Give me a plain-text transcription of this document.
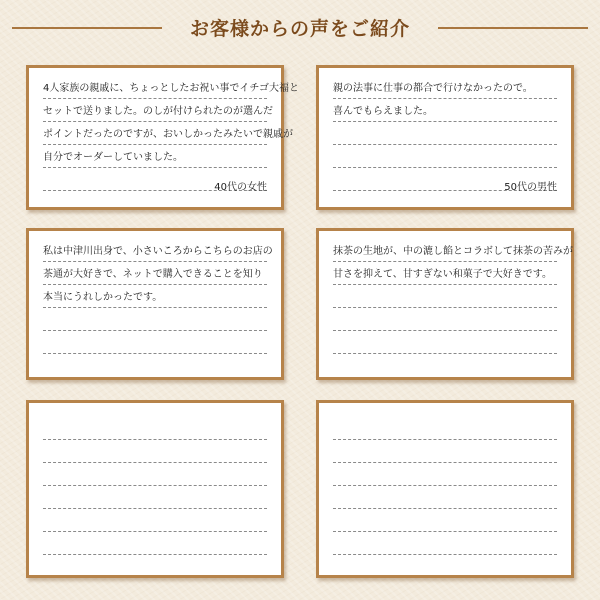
お客様からの声をご紹介
4人家族の親戚に、ちょっとしたお祝い事でイチゴ大福と
セットで送りました。のしが付けられたのが選んだ
ポイントだったのですが、おいしかったみたいで親戚が
自分でオーダーしていました。
40代の女性
親の法事に仕事の都合で行けなかったので。
喜んでもらえました。
50代の男性
私は中津川出身で、小さいころからこちらのお店の
茶通が大好きで、ネットで購入できることを知り
本当にうれしかったです。
抹茶の生地が、中の漉し餡とコラボして抹茶の苦みが
甘さを抑えて、甘すぎない和菓子で大好きです。
